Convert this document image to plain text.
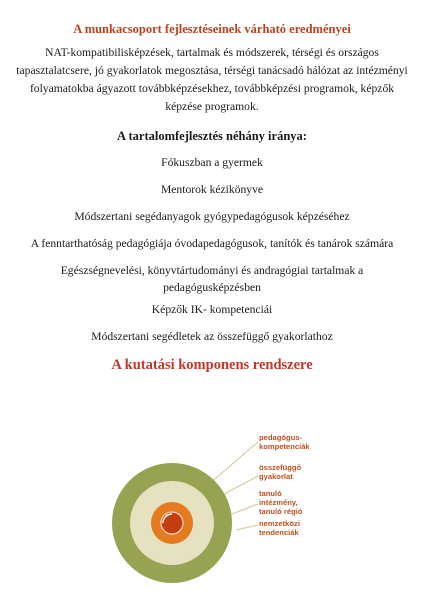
A munkacsoport fejlesztéseinek várható eredményei
NAT-kompatibilisképzések, tartalmak és módszerek, térségi és országos tapasztalatcsere, jó gyakorlatok megosztása, térségi tanácsadó hálózat az intézményi folyamatokba ágyazott továbbképzésekhez, továbbképzési programok, képzők képzése programok.
A tartalomfejlesztés néhány iránya:
Fókuszban a gyermek
Mentorok kézikönyve
Módszertani segédanyagok gyógypedagógusok képzéséhez
A fenntarthatóság pedagógiája óvodapedagógusok, tanítók és tanárok számára
Egészségnevelési, könyvtártudományi és andragógiai tartalmak a pedagógusképzésben
Képzők IK- kompetenciái
Módszertani segédletek az összefüggő gyakorlathoz
A kutatási komponens rendszere
pedagógus-
kompetenciák
összefüggő
gyakorlat
tanuló
intézmény,
tanuló régió
nemzetközi
tendenciák
